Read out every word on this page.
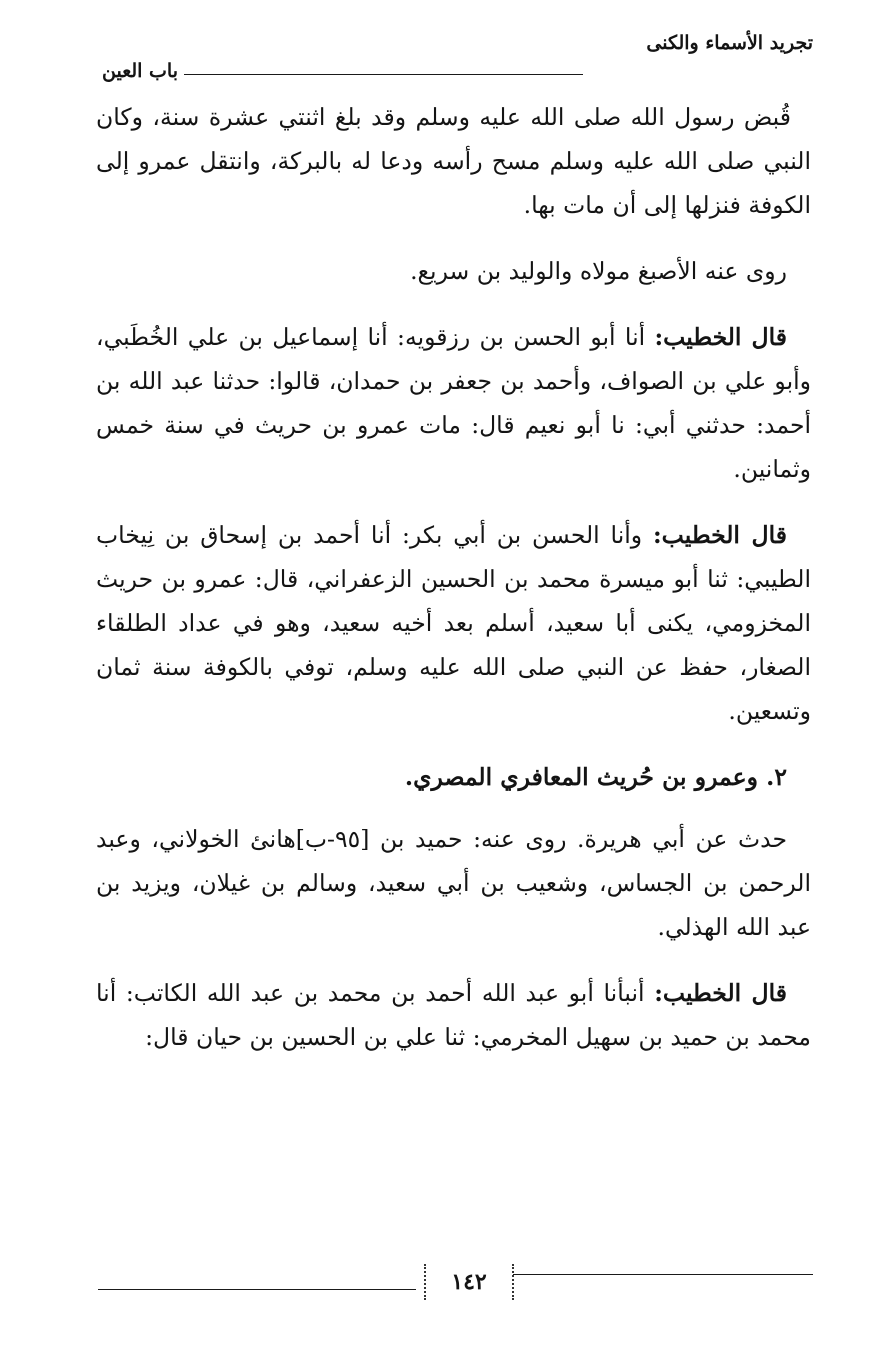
تجريد الأسماء والكنى
باب العين

قُبض رسول الله صلى الله عليه وسلم وقد بلغ اثنتي عشرة سنة، وكان النبي صلى الله عليه وسلم مسح رأسه ودعا له بالبركة، وانتقل عمرو إلى الكوفة فنزلها إلى أن مات بها.

روى عنه الأصبغ مولاه والوليد بن سريع.

قال الخطيب: أنا أبو الحسن بن رزقويه: أنا إسماعيل بن علي الخُطَبي، وأبو علي بن الصواف، وأحمد بن جعفر بن حمدان، قالوا: حدثنا عبد الله بن أحمد: حدثني أبي: نا أبو نعيم قال: مات عمرو بن حريث في سنة خمس وثمانين.

قال الخطيب: وأنا الحسن بن أبي بكر: أنا أحمد بن إسحاق بن نِيخاب الطيبي: ثنا أبو ميسرة محمد بن الحسين الزعفراني، قال: عمرو بن حريث المخزومي، يكنى أبا سعيد، أسلم بعد أخيه سعيد، وهو في عداد الطلقاء الصغار، حفظ عن النبي صلى الله عليه وسلم، توفي بالكوفة سنة ثمان وتسعين.

٢. وعمرو بن حُريث المعافري المصري.

حدث عن أبي هريرة. روى عنه: حميد بن [٩٥-ب]هانئ الخولاني، وعبد الرحمن بن الجساس، وشعيب بن أبي سعيد، وسالم بن غيلان، ويزيد بن عبد الله الهذلي.

قال الخطيب: أنبأنا أبو عبد الله أحمد بن محمد بن عبد الله الكاتب: أنا محمد بن حميد بن سهيل المخرمي: ثنا علي بن الحسين بن حيان قال:

١٤٢
